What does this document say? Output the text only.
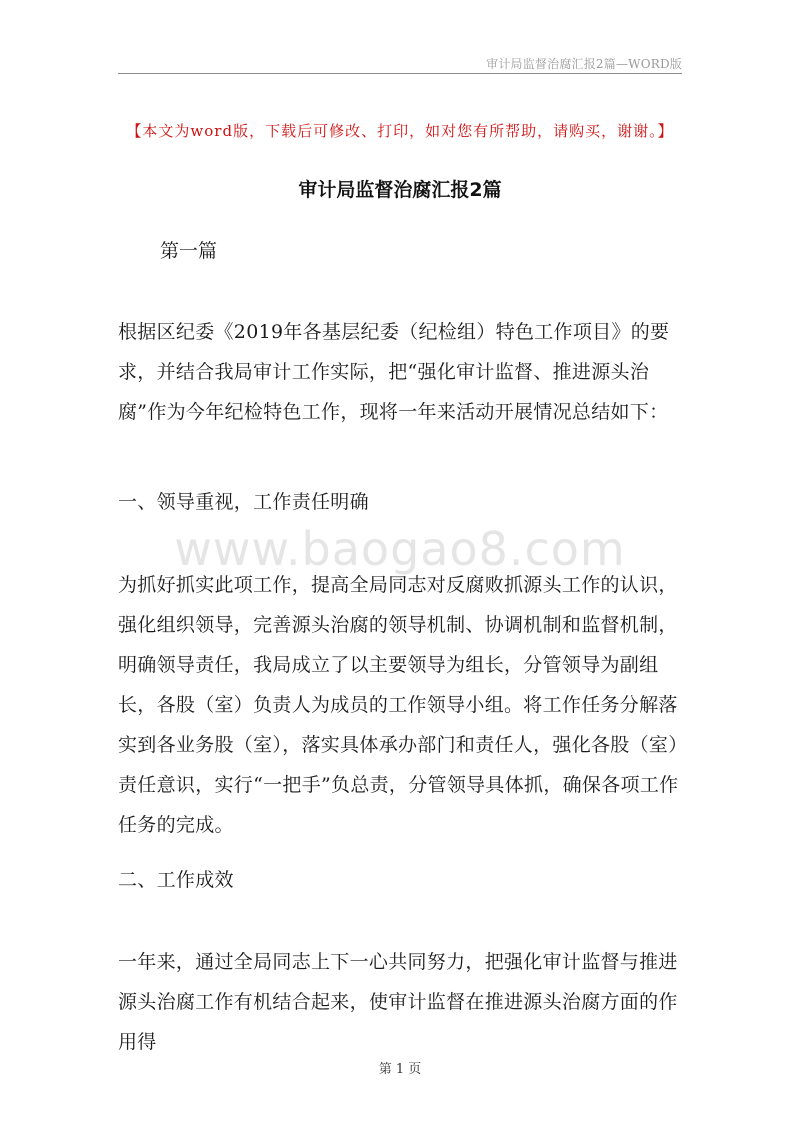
审计局监督治腐汇报2篇—WORD版
【本文为word版，下载后可修改、打印，如对您有所帮助，请购买，谢谢。】
审计局监督治腐汇报2篇
第一篇
根据区纪委《2019年各基层纪委（纪检组）特色工作项目》的要求，并结合我局审计工作实际，把“强化审计监督、推进源头治腐”作为今年纪检特色工作，现将一年来活动开展情况总结如下：
一、领导重视，工作责任明确
www.baogao8.com
为抓好抓实此项工作，提高全局同志对反腐败抓源头工作的认识，强化组织领导，完善源头治腐的领导机制、协调机制和监督机制，明确领导责任，我局成立了以主要领导为组长，分管领导为副组长，各股（室）负责人为成员的工作领导小组。将工作任务分解落实到各业务股（室），落实具体承办部门和责任人，强化各股（室）责任意识，实行“一把手”负总责，分管领导具体抓，确保各项工作任务的完成。
二、工作成效
一年来，通过全局同志上下一心共同努力，把强化审计监督与推进源头治腐工作有机结合起来，使审计监督在推进源头治腐方面的作用得
第 1 页
